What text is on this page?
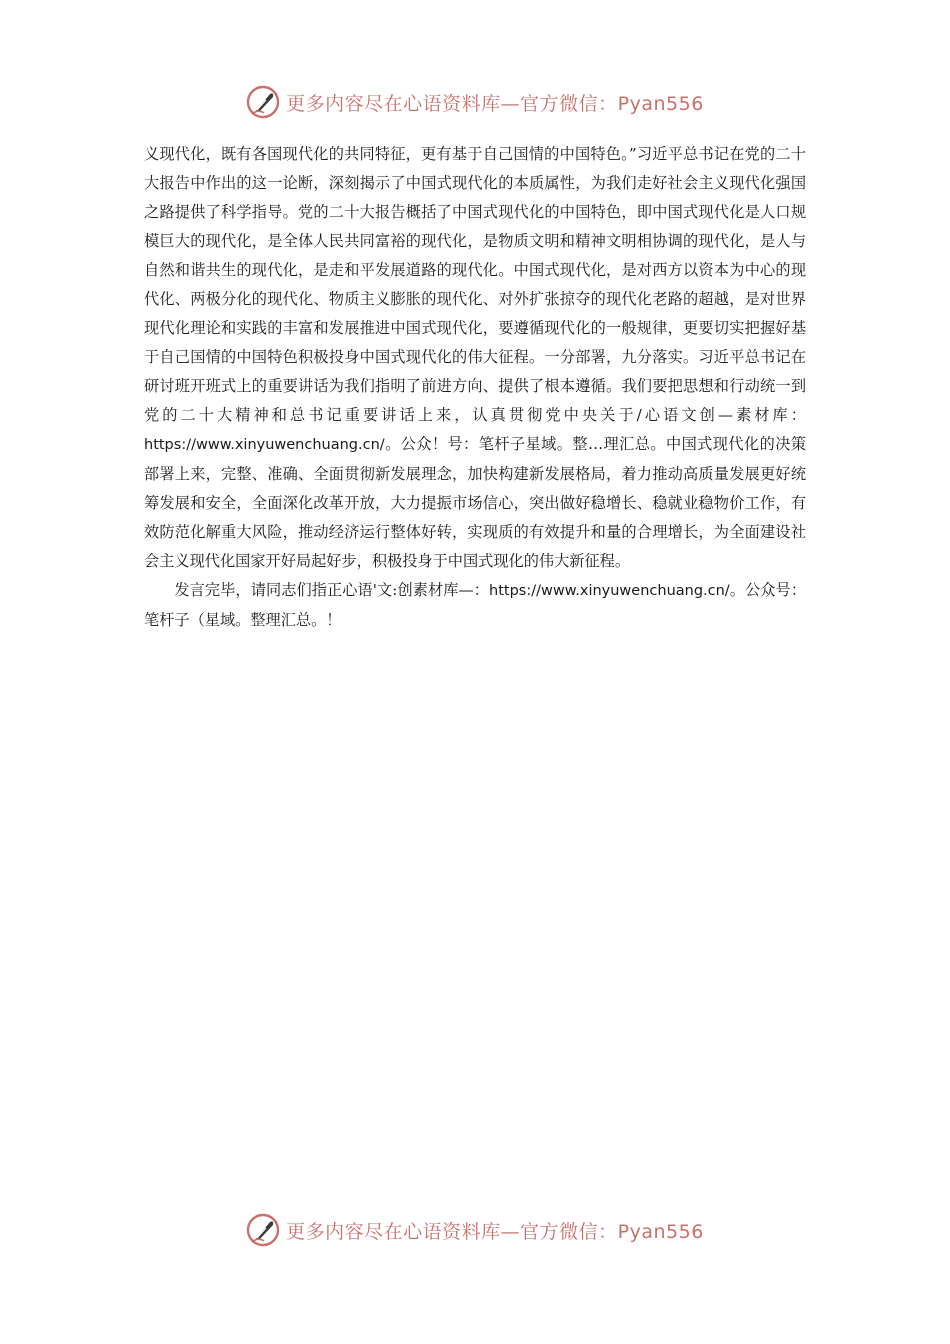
更多内容尽在心语资料库—官方微信：Pyan556

义现代化，既有各国现代化的共同特征，更有基于自己国情的中国特色。”习近平总书记在党的二十大报告中作出的这一论断，深刻揭示了中国式现代化的本质属性，为我们走好社会主义现代化强国之路提供了科学指导。党的二十大报告概括了中国式现代化的中国特色，即中国式现代化是人口规模巨大的现代化，是全体人民共同富裕的现代化，是物质文明和精神文明相协调的现代化，是人与自然和谐共生的现代化，是走和平发展道路的现代化。中国式现代化，是对西方以资本为中心的现代化、两极分化的现代化、物质主义膨胀的现代化、对外扩张掠夺的现代化老路的超越，是对世界现代化理论和实践的丰富和发展推进中国式现代化，要遵循现代化的一般规律，更要切实把握好基于自己国情的中国特色积极投身中国式现代化的伟大征程。一分部署，九分落实。习近平总书记在研讨班开班式上的重要讲话为我们指明了前进方向、提供了根本遵循。我们要把思想和行动统一到党的二十大精神和总书记重要讲话上来，认真贯彻党中央关于/心语文创—素材库：https://www.xinyuwenchuang.cn/。公众！号：笔杆子星域。整…理汇总。中国式现代化的决策部署上来，完整、准确、全面贯彻新发展理念，加快构建新发展格局，着力推动高质量发展更好统筹发展和安全，全面深化改革开放，大力提振市场信心，突出做好稳增长、稳就业稳物价工作，有效防范化解重大风险，推动经济运行整体好转，实现质的有效提升和量的合理增长，为全面建设社会主义现代化国家开好局起好步，积极投身于中国式现化的伟大新征程。

发言完毕，请同志们指正心语'文:创素材库—：https://www.xinyuwenchuang.cn/。公众号：笔杆子（星域。整理汇总。！

更多内容尽在心语资料库—官方微信：Pyan556
